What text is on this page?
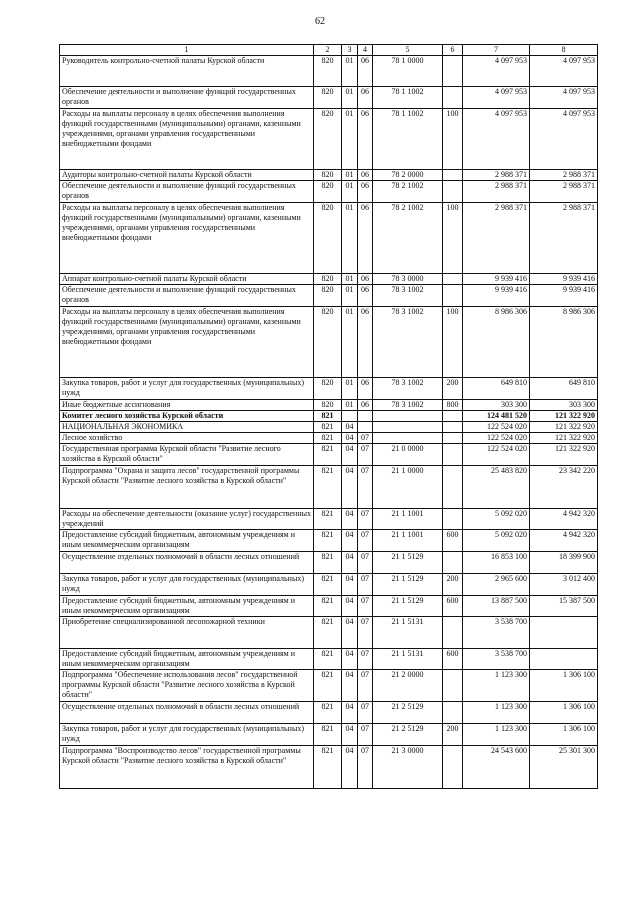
62
1	2	3	4	5	6	7	8
Руководитель контрольно-счетной палаты Курской области	820	01	06	78 1 0000		4 097 953	4 097 953
Обеспечение деятельности и выполнение функций государственных органов	820	01	06	78 1 1002		4 097 953	4 097 953
Расходы на выплаты персоналу в целях обеспечения выполнения функций государственными (муниципальными) органами, казенными учреждениями, органами управления государственными внебюджетными фондами	820	01	06	78 1 1002	100	4 097 953	4 097 953
Аудиторы контрольно-счетной палаты Курской области	820	01	06	78 2 0000		2 988 371	2 988 371
Обеспечение деятельности и выполнение функций государственных органов	820	01	06	78 2 1002		2 988 371	2 988 371
Расходы на выплаты персоналу в целях обеспечения выполнения функций государственными (муниципальными) органами, казенными учреждениями, органами управления государственными внебюджетными фондами	820	01	06	78 2 1002	100	2 988 371	2 988 371
Аппарат контрольно-счетной палаты Курской области	820	01	06	78 3 0000		9 939 416	9 939 416
Обеспечение деятельности и выполнение функций государственных органов	820	01	06	78 3 1002		9 939 416	9 939 416
Расходы на выплаты персоналу в целях обеспечения выполнения функций государственными (муниципальными) органами, казенными учреждениями, органами управления государственными внебюджетными фондами	820	01	06	78 3 1002	100	8 986 306	8 986 306
Закупка товаров, работ и услуг для государственных (муниципальных) нужд	820	01	06	78 3 1002	200	649 810	649 810
Иные бюджетные ассигнования	820	01	06	78 3 1002	800	303 300	303 300
Комитет лесного хозяйства Курской области	821					124 481 520	121 322 920
НАЦИОНАЛЬНАЯ ЭКОНОМИКА	821	04				122 524 020	121 322 920
Лесное хозяйство	821	04	07			122 524 020	121 322 920
Государственная программа Курской области "Развитие лесного хозяйства в Курской области"	821	04	07	21 0 0000		122 524 020	121 322 920
Подпрограмма "Охрана и защита лесов" государственной программы Курской области "Развитие лесного хозяйства в Курской области"	821	04	07	21 1 0000		25 483 820	23 342 220
Расходы на обеспечение деятельности (оказание услуг) государственных учреждений	821	04	07	21 1 1001		5 092 020	4 942 320
Предоставление субсидий бюджетным, автономным учреждениям и иным некоммерческим организациям	821	04	07	21 1 1001	600	5 092 020	4 942 320
Осуществление отдельных полномочий в области лесных отношений	821	04	07	21 1 5129		16 853 100	18 399 900
Закупка товаров, работ и услуг для государственных (муниципальных) нужд	821	04	07	21 1 5129	200	2 965 600	3 012 400
Предоставление субсидий бюджетным, автономным учреждениям и иным некоммерческим организациям	821	04	07	21 1 5129	600	13 887 500	15 387 500
Приобретение специализированной лесопожарной техники	821	04	07	21 1 5131		3 538 700	
Предоставление субсидий бюджетным, автономным учреждениям и иным некоммерческим организациям	821	04	07	21 1 5131	600	3 538 700	
Подпрограмма "Обеспечение использования лесов" государственной программы Курской области "Развитие лесного хозяйства в Курской области"	821	04	07	21 2 0000		1 123 300	1 306 100
Осуществление отдельных полномочий в области лесных отношений	821	04	07	21 2 5129		1 123 300	1 306 100
Закупка товаров, работ и услуг для государственных (муниципальных) нужд	821	04	07	21 2 5129	200	1 123 300	1 306 100
Подпрограмма "Воспроизводство лесов" государственной программы Курской области "Развитие лесного хозяйства в Курской области"	821	04	07	21 3 0000		24 543 600	25 301 300
